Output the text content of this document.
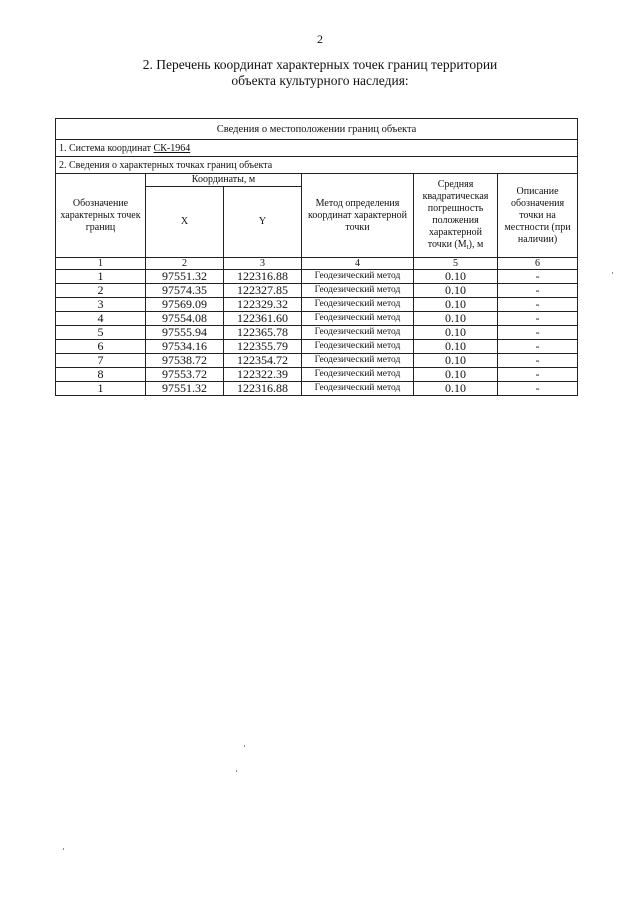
2
2. Перечень координат характерных точек границ территории
объекта культурного наследия:
Сведения о местоположении границ объекта					
1. Система координат СК-1964					
2. Сведения о характерных точках границ объекта					
Обозначение характерных точек границ	Координаты, м		Метод определения координат характерной точки	Средняя квадратическая погрешность положения характерной точки $(М_t)$, м	Описание обозначения точки на местности (при наличии)
	X	Y			
1	2	3	4	5	6
1	97551.32	122316.88	Геодезический метод	0.10	-
2	97574.35	122327.85	Геодезический метод	0.10	-
3	97569.09	122329.32	Геодезический метод	0.10	-
4	97554.08	122361.60	Геодезический метод	0.10	-
5	97555.94	122365.78	Геодезический метод	0.10	-
6	97534.16	122355.79	Геодезический метод	0.10	-
7	97538.72	122354.72	Геодезический метод	0.10	-
8	97553.72	122322.39	Геодезический метод	0.10	-
1	97551.32	122316.88	Геодезический метод	0.10	-
